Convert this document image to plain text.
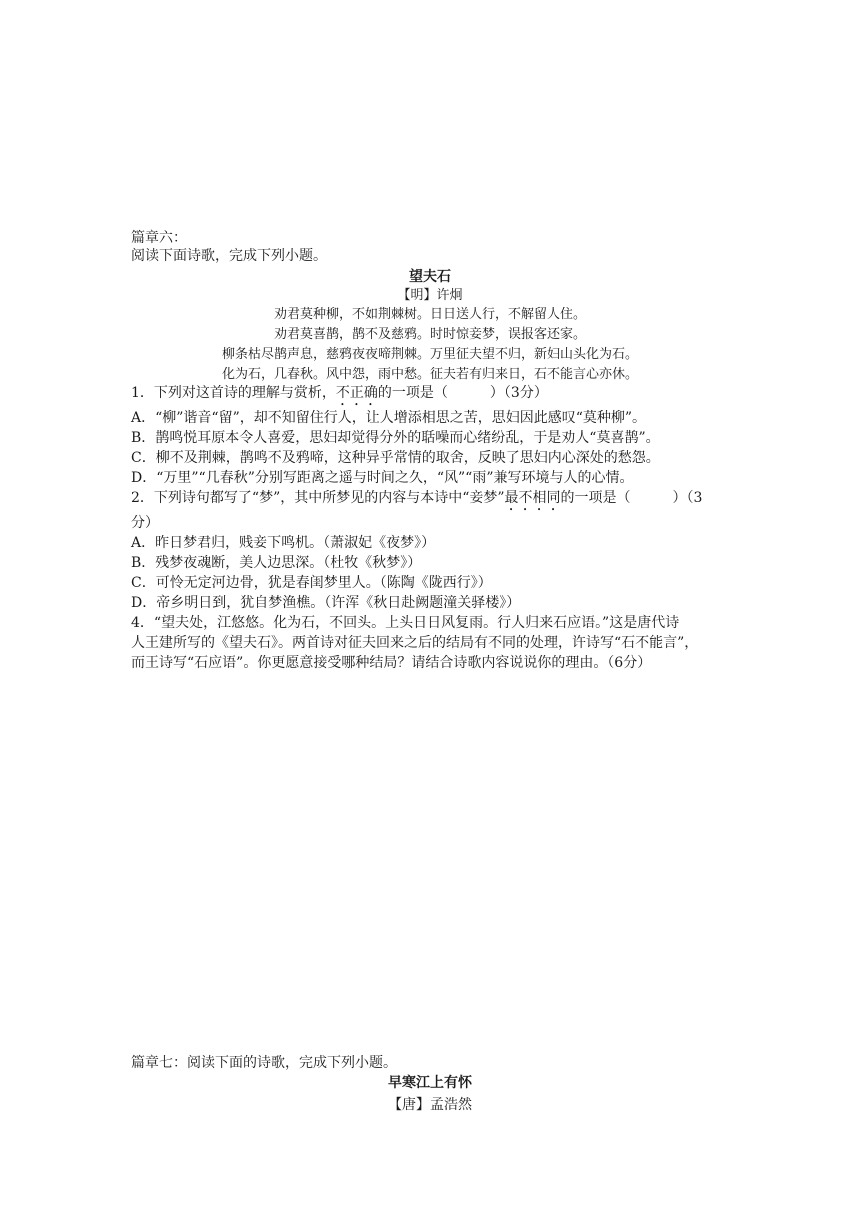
篇章六：
阅读下面诗歌，完成下列小题。
望夫石
【明】许炯
劝君莫种柳，不如荆棘树。日日送人行，不解留人住。
劝君莫喜鹊，鹊不及慈鸦。时时惊妾梦，误报客还家。
柳条枯尽鹊声息，慈鸦夜夜啼荆棘。万里征夫望不归，新妇山头化为石。
化为石，几春秋。风中怨，雨中愁。征夫若有归来日，石不能言心亦休。
1．下列对这首诗的理解与赏析，不正确的一项是（　　　）（3分）
A．“柳”谐音“留”，却不知留住行人，让人增添相思之苦，思妇因此感叹“莫种柳”。
B．鹊鸣悦耳原本令人喜爱，思妇却觉得分外的聒噪而心绪纷乱，于是劝人“莫喜鹊”。
C．柳不及荆棘，鹊鸣不及鸦啼，这种异乎常情的取舍，反映了思妇内心深处的愁怨。
D．“万里”“几春秋”分别写距离之遥与时间之久，“风”“雨”兼写环境与人的心情。
2．下列诗句都写了“梦”，其中所梦见的内容与本诗中“妾梦”最不相同的一项是（　　　）（3
分）
A．昨日梦君归，贱妾下鸣机。（萧淑妃《夜梦》）
B．残梦夜魂断，美人边思深。（杜牧《秋梦》）
C．可怜无定河边骨，犹是春闺梦里人。（陈陶《陇西行》）
D．帝乡明日到，犹自梦渔樵。（许浑《秋日赴阙题潼关驿楼》）
4．“望夫处，江悠悠。化为石，不回头。上头日日风复雨。行人归来石应语。”这是唐代诗
人王建所写的《望夫石》。两首诗对征夫回来之后的结局有不同的处理，许诗写“石不能言”，
而王诗写“石应语”。你更愿意接受哪种结局？请结合诗歌内容说说你的理由。（6分）
篇章七：阅读下面的诗歌，完成下列小题。
早寒江上有怀
【唐】孟浩然
